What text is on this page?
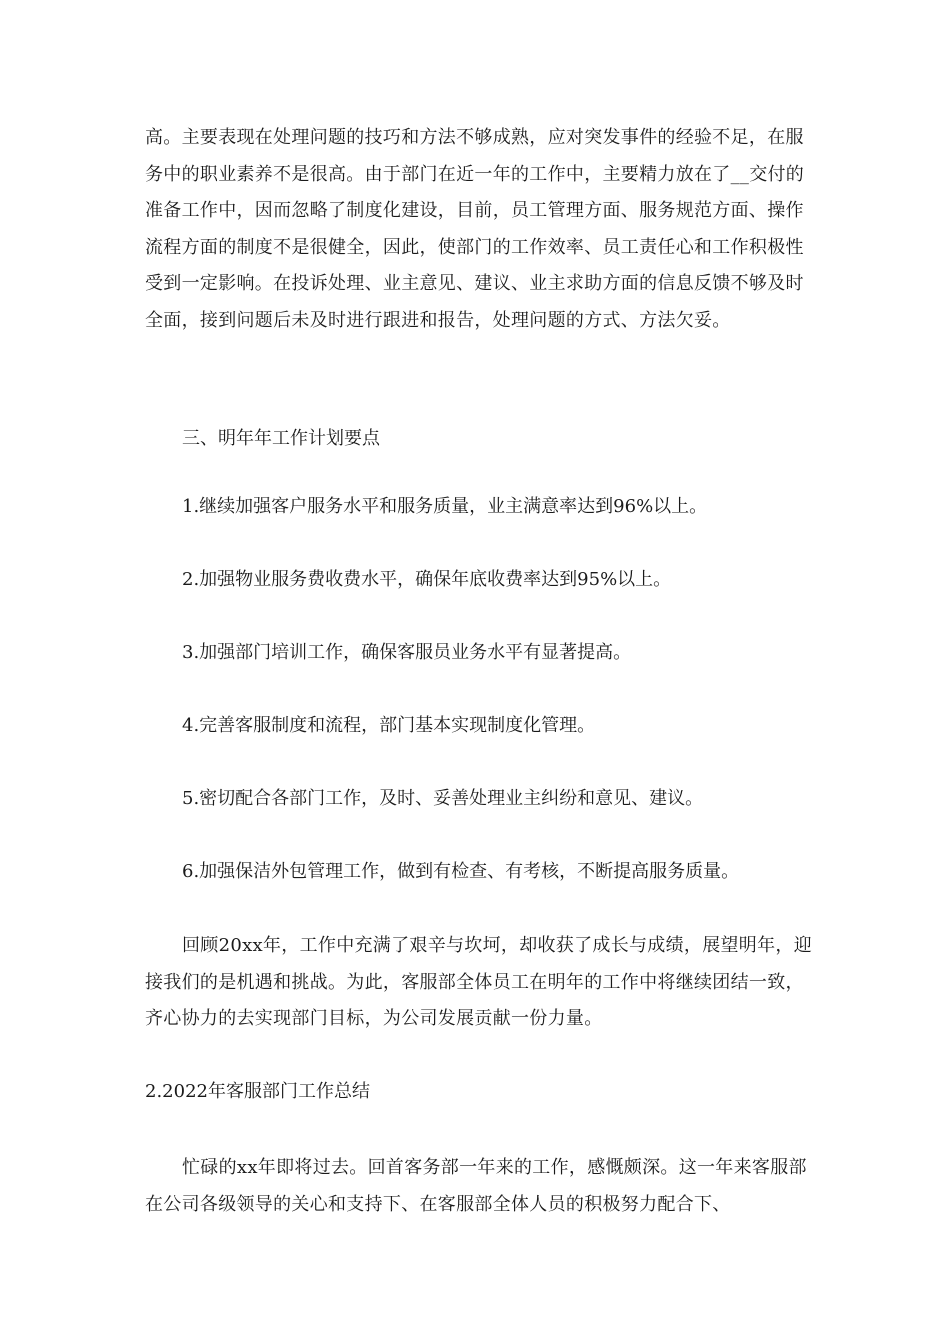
高。主要表现在处理问题的技巧和方法不够成熟，应对突发事件的经验不足，在服务中的职业素养不是很高。由于部门在近一年的工作中，主要精力放在了__交付的准备工作中，因而忽略了制度化建设，目前，员工管理方面、服务规范方面、操作流程方面的制度不是很健全，因此，使部门的工作效率、员工责任心和工作积极性受到一定影响。在投诉处理、业主意见、建议、业主求助方面的信息反馈不够及时全面，接到问题后未及时进行跟进和报告，处理问题的方式、方法欠妥。

三、明年年工作计划要点

1.继续加强客户服务水平和服务质量，业主满意率达到96%以上。

2.加强物业服务费收费水平，确保年底收费率达到95%以上。

3.加强部门培训工作，确保客服员业务水平有显著提高。

4.完善客服制度和流程，部门基本实现制度化管理。

5.密切配合各部门工作，及时、妥善处理业主纠纷和意见、建议。

6.加强保洁外包管理工作，做到有检查、有考核，不断提高服务质量。

回顾20xx年，工作中充满了艰辛与坎坷，却收获了成长与成绩，展望明年，迎接我们的是机遇和挑战。为此，客服部全体员工在明年的工作中将继续团结一致，齐心协力的去实现部门目标，为公司发展贡献一份力量。

2.2022年客服部门工作总结

忙碌的xx年即将过去。回首客务部一年来的工作，感慨颇深。这一年来客服部在公司各级领导的关心和支持下、在客服部全体人员的积极努力配合下、
